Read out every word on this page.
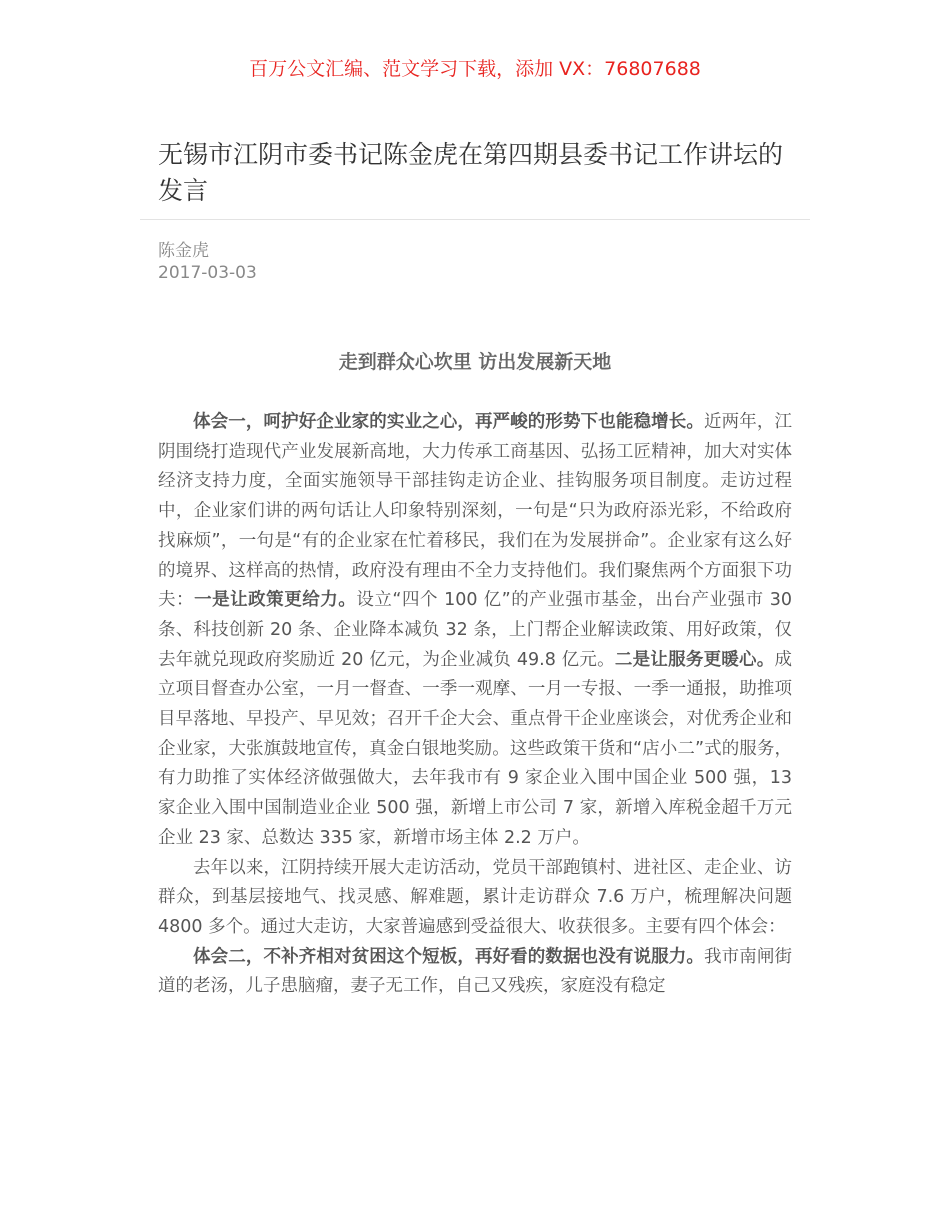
百万公文汇编、范文学习下载，添加 VX：76807688
无锡市江阴市委书记陈金虎在第四期县委书记工作讲坛的发言
陈金虎
2017-03-03
走到群众心坎里 访出发展新天地

体会一，呵护好企业家的实业之心，再严峻的形势下也能稳增长。近两年，江阴围绕打造现代产业发展新高地，大力传承工商基因、弘扬工匠精神，加大对实体经济支持力度，全面实施领导干部挂钩走访企业、挂钩服务项目制度。走访过程中，企业家们讲的两句话让人印象特别深刻，一句是“只为政府添光彩，不给政府找麻烦”，一句是“有的企业家在忙着移民，我们在为发展拼命”。企业家有这么好的境界、这样高的热情，政府没有理由不全力支持他们。我们聚焦两个方面狠下功夫：一是让政策更给力。设立“四个 100 亿”的产业强市基金，出台产业强市 30 条、科技创新 20 条、企业降本减负 32 条，上门帮企业解读政策、用好政策，仅去年就兑现政府奖励近 20 亿元，为企业减负 49.8 亿元。二是让服务更暖心。成立项目督查办公室，一月一督查、一季一观摩、一月一专报、一季一通报，助推项目早落地、早投产、早见效；召开千企大会、重点骨干企业座谈会，对优秀企业和企业家，大张旗鼓地宣传，真金白银地奖励。这些政策干货和“店小二”式的服务，有力助推了实体经济做强做大，去年我市有 9 家企业入围中国企业 500 强，13 家企业入围中国制造业企业 500 强，新增上市公司 7 家，新增入库税金超千万元企业 23 家、总数达 335 家，新增市场主体 2.2 万户。

去年以来，江阴持续开展大走访活动，党员干部跑镇村、进社区、走企业、访群众，到基层接地气、找灵感、解难题，累计走访群众 7.6 万户，梳理解决问题 4800 多个。通过大走访，大家普遍感到受益很大、收获很多。主要有四个体会：

体会二，不补齐相对贫困这个短板，再好看的数据也没有说服力。我市南闸街道的老汤，儿子患脑瘤，妻子无工作，自己又残疾，家庭没有稳定
